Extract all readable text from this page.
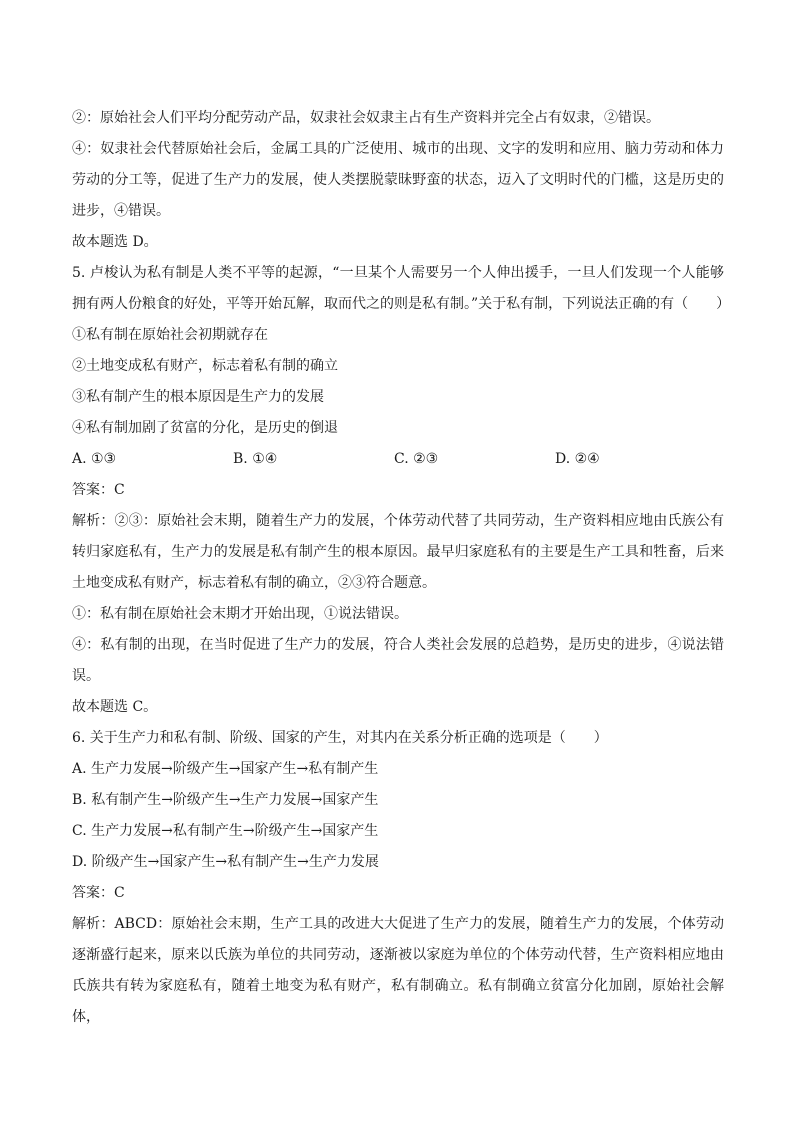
②：原始社会人们平均分配劳动产品，奴隶社会奴隶主占有生产资料并完全占有奴隶，②错误。

④：奴隶社会代替原始社会后，金属工具的广泛使用、城市的出现、文字的发明和应用、脑力劳动和体力劳动的分工等，促进了生产力的发展，使人类摆脱蒙昧野蛮的状态，迈入了文明时代的门槛，这是历史的进步，④错误。

故本题选 D。

5. 卢梭认为私有制是人类不平等的起源，“一旦某个人需要另一个人伸出援手，一旦人们发现一个人能够拥有两人份粮食的好处，平等开始瓦解，取而代之的则是私有制。”关于私有制，下列说法正确的有（　　）

①私有制在原始社会初期就存在

②土地变成私有财产，标志着私有制的确立

③私有制产生的根本原因是生产力的发展

④私有制加剧了贫富的分化，是历史的倒退

A. ①③	B. ①④	C. ②③	D. ②④

答案：C

解析：②③：原始社会末期，随着生产力的发展，个体劳动代替了共同劳动，生产资料相应地由氏族公有转归家庭私有，生产力的发展是私有制产生的根本原因。最早归家庭私有的主要是生产工具和牲畜，后来土地变成私有财产，标志着私有制的确立，②③符合题意。

①：私有制在原始社会末期才开始出现，①说法错误。

④：私有制的出现，在当时促进了生产力的发展，符合人类社会发展的总趋势，是历史的进步，④说法错误。

故本题选 C。

6. 关于生产力和私有制、阶级、国家的产生，对其内在关系分析正确的选项是（　　）

A. 生产力发展→阶级产生→国家产生→私有制产生

B. 私有制产生→阶级产生→生产力发展→国家产生

C. 生产力发展→私有制产生→阶级产生→国家产生

D. 阶级产生→国家产生→私有制产生→生产力发展

答案：C

解析：ABCD：原始社会末期，生产工具的改进大大促进了生产力的发展，随着生产力的发展，个体劳动逐渐盛行起来，原来以氏族为单位的共同劳动，逐渐被以家庭为单位的个体劳动代替，生产资料相应地由氏族共有转为家庭私有，随着土地变为私有财产，私有制确立。私有制确立贫富分化加剧，原始社会解体，
